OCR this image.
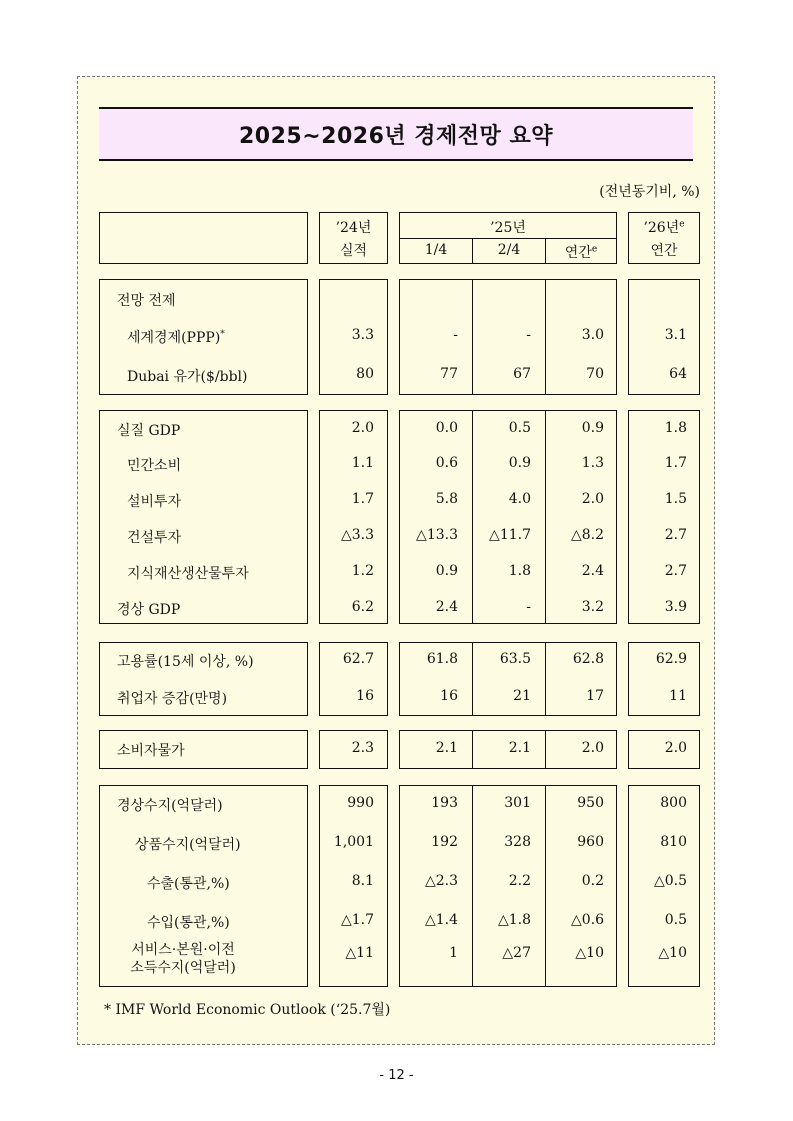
2025~2026년 경제전망 요약
(전년동기비, %)
’24년
실적
’25년
1/4	2/4	연간$^e$
’26년$^e$
연간
전망 전제
세계경제(PPP)*	3.3	-	-	3.0	3.1
Dubai 유가($/bbl)	80	77	67	70	64
실질 GDP	2.0	0.0	0.5	0.9	1.8
민간소비	1.1	0.6	0.9	1.3	1.7
설비투자	1.7	5.8	4.0	2.0	1.5
건설투자	△3.3	△13.3	△11.7	△8.2	2.7
지식재산생산물투자	1.2	0.9	1.8	2.4	2.7
경상 GDP	6.2	2.4	-	3.2	3.9
고용률(15세 이상, %)	62.7	61.8	63.5	62.8	62.9
취업자 증감(만명)	16	16	21	17	11
소비자물가	2.3	2.1	2.1	2.0	2.0
경상수지(억달러)	990	193	301	950	800
상품수지(억달러)	1,001	192	328	960	810
수출(통관,%)	8.1	△2.3	2.2	0.2	△0.5
수입(통관,%)	△1.7	△1.4	△1.8	△0.6	0.5
서비스·본원·이전
소득수지(억달러)
△11	1	△27	△10	△10
* IMF World Economic Outlook (‘25.7월)
- 12 -
